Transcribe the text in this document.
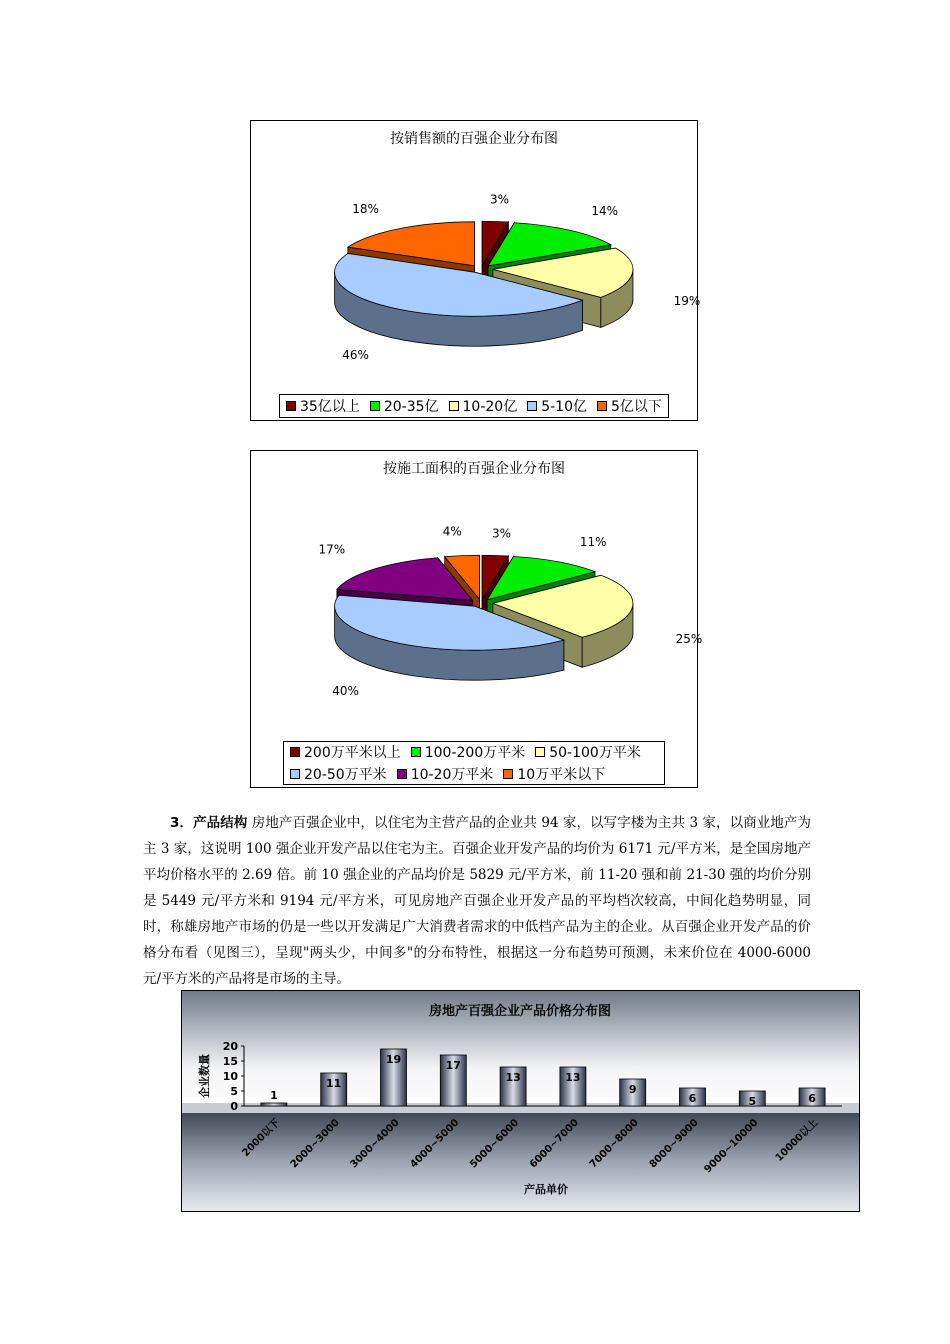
按销售额的百强企业分布图
3%
14%
19%
46%
18%
35亿以上 20-35亿 10-20亿 5-10亿 5亿以下
按施工面积的百强企业分布图
3%
11%
25%
40%
17%
4%
200万平米以上 100-200万平米 50-100万平米
20-50万平米 10-20万平米 10万平米以下
3．产品结构 房地产百强企业中，以住宅为主营产品的企业共 94 家，以写字楼为主共 3 家，以商业地产为主 3 家，这说明 100 强企业开发产品以住宅为主。百强企业开发产品的均价为 6171 元/平方米，是全国房地产平均价格水平的 2.69 倍。前 10 强企业的产品均价是 5829 元/平方米，前 11-20 强和前 21-30 强的均价分别是 5449 元/平方米和 9194 元/平方米，可见房地产百强企业开发产品的平均档次较高，中间化趋势明显，同时，称雄房地产市场的仍是一些以开发满足广大消费者需求的中低档产品为主的企业。从百强企业开发产品的价格分布看（见图三），呈现"两头少，中间多"的分布特性，根据这一分布趋势可预测，未来价位在 4000-6000 元/平方米的产品将是市场的主导。
房地产百强企业产品价格分布图
0
5
10
15
20
企业数量	1
2000以下
11
2000~3000
19
3000~4000
17
4000~5000
13
5000~6000
13
6000~7000
9
7000~8000
6
8000~9000
5
9000~10000
6
10000以上
产品单价
